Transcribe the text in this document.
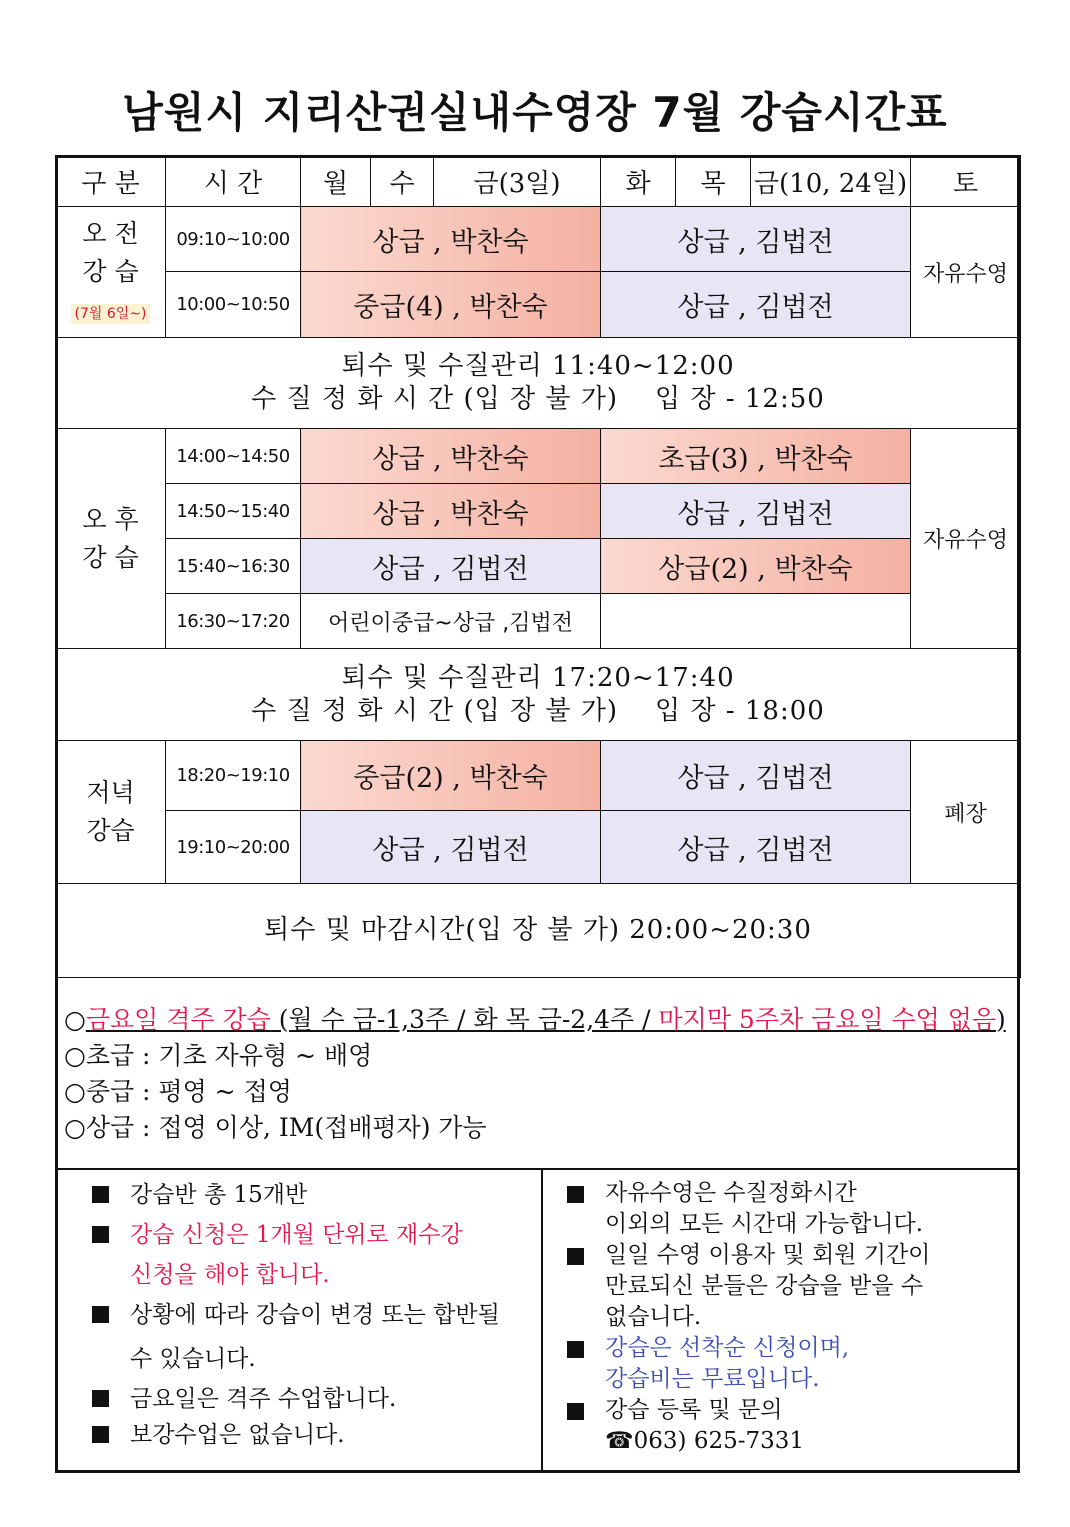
남원시 지리산권실내수영장 7월 강습시간표
구 분	시 간	월	수	금(3일)	화	목	금(10, 24일)	토

오 전
강 습
(7월 6일~)	09:10~10:00	상급 , 박찬숙			상급 , 김법전			자유수영
	10:00~10:50	중급(4) , 박찬숙			상급 , 김법전			

퇴수 및 수질관리 11:40~12:00
수 질 정 화 시 간 (입 장 불 가)    입 장 - 12:50								

오 후
강 습	14:00~14:50	상급 , 박찬숙			초급(3) , 박찬숙			자유수영
	14:50~15:40	상급 , 박찬숙			상급 , 김법전			
	15:40~16:30	상급 , 김법전			상급(2) , 박찬숙			
	16:30~17:20	어린이중급~상급 ,김법전						

퇴수 및 수질관리 17:20~17:40
수 질 정 화 시 간 (입 장 불 가)    입 장 - 18:00								

저녁
강습	18:20~19:10	중급(2) , 박찬숙			상급 , 김법전			폐장
	19:10~20:00	상급 , 김법전			상급 , 김법전			
퇴수 및 마감시간(입 장 불 가) 20:00~20:30								
○금요일 격주 강습 (월 수 금-1,3주 / 화 목 금-2,4주 / 마지막 5주차 금요일 수업 없음)
○초급 : 기초 자유형 ~ 배영
○중급 : 평영 ~ 접영
○상급 : 접영 이상, IM(접배평자) 가능
강습반 총 15개반
강습 신청은 1개월 단위로 재수강
신청을 해야 합니다.
상황에 따라 강습이 변경 또는 합반될
수 있습니다.
금요일은 격주 수업합니다.
보강수업은 없습니다.
자유수영은 수질정화시간
이외의 모든 시간대 가능합니다.
일일 수영 이용자 및 회원 기간이
만료되신 분들은 강습을 받을 수
없습니다.
강습은 선착순 신청이며,
강습비는 무료입니다.
강습 등록 및 문의
☎063) 625-7331
